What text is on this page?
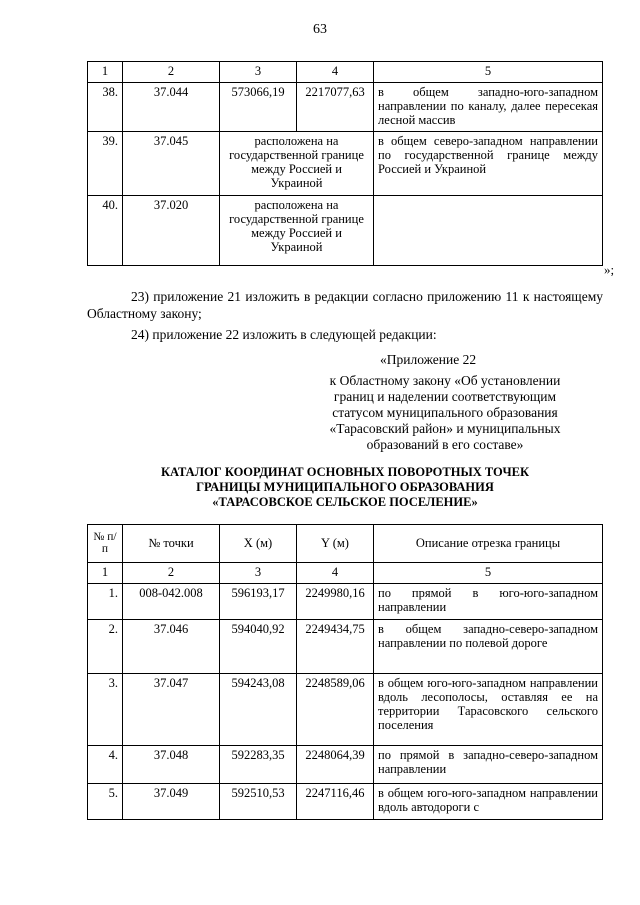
63
1	2	3	4	5
38.	37.044	573066,19	2217077,63	в общем западно-юго-западном направлении по каналу, далее пересекая лесной массив
39.	37.045	расположена на государственной границе между Россией и Украиной		в общем северо-западном направлении по государственной границе между Россией и Украиной
40.	37.020	расположена на государственной границе между Россией и Украиной		
»;
23) приложение 21 изложить в редакции согласно приложению 11 к настоящему Областному закону;
24) приложение 22 изложить в следующей редакции:
«Приложение 22
к Областному закону «Об установлении
границ и наделении соответствующим
статусом муниципального образования
«Тарасовский район» и муниципальных
образований в его составе»
КАТАЛОГ КООРДИНАТ ОСНОВНЫХ ПОВОРОТНЫХ ТОЧЕК
ГРАНИЦЫ МУНИЦИПАЛЬНОГО ОБРАЗОВАНИЯ
«ТАРАСОВСКОЕ СЕЛЬСКОЕ ПОСЕЛЕНИЕ»
№ п/п	№ точки	X (м)	Y (м)	Описание отрезка границы
1	2	3	4	5
1.	008-042.008	596193,17	2249980,16	по прямой в юго-юго-западном направлении
2.	37.046	594040,92	2249434,75	в общем западно-северо-западном направлении по полевой дороге
3.	37.047	594243,08	2248589,06	в общем юго-юго-западном направлении вдоль лесополосы, оставляя ее на территории Тарасовского сельского поселения
4.	37.048	592283,35	2248064,39	по прямой в западно-северо-западном направлении
5.	37.049	592510,53	2247116,46	в общем юго-юго-западном направлении вдоль автодороги с
